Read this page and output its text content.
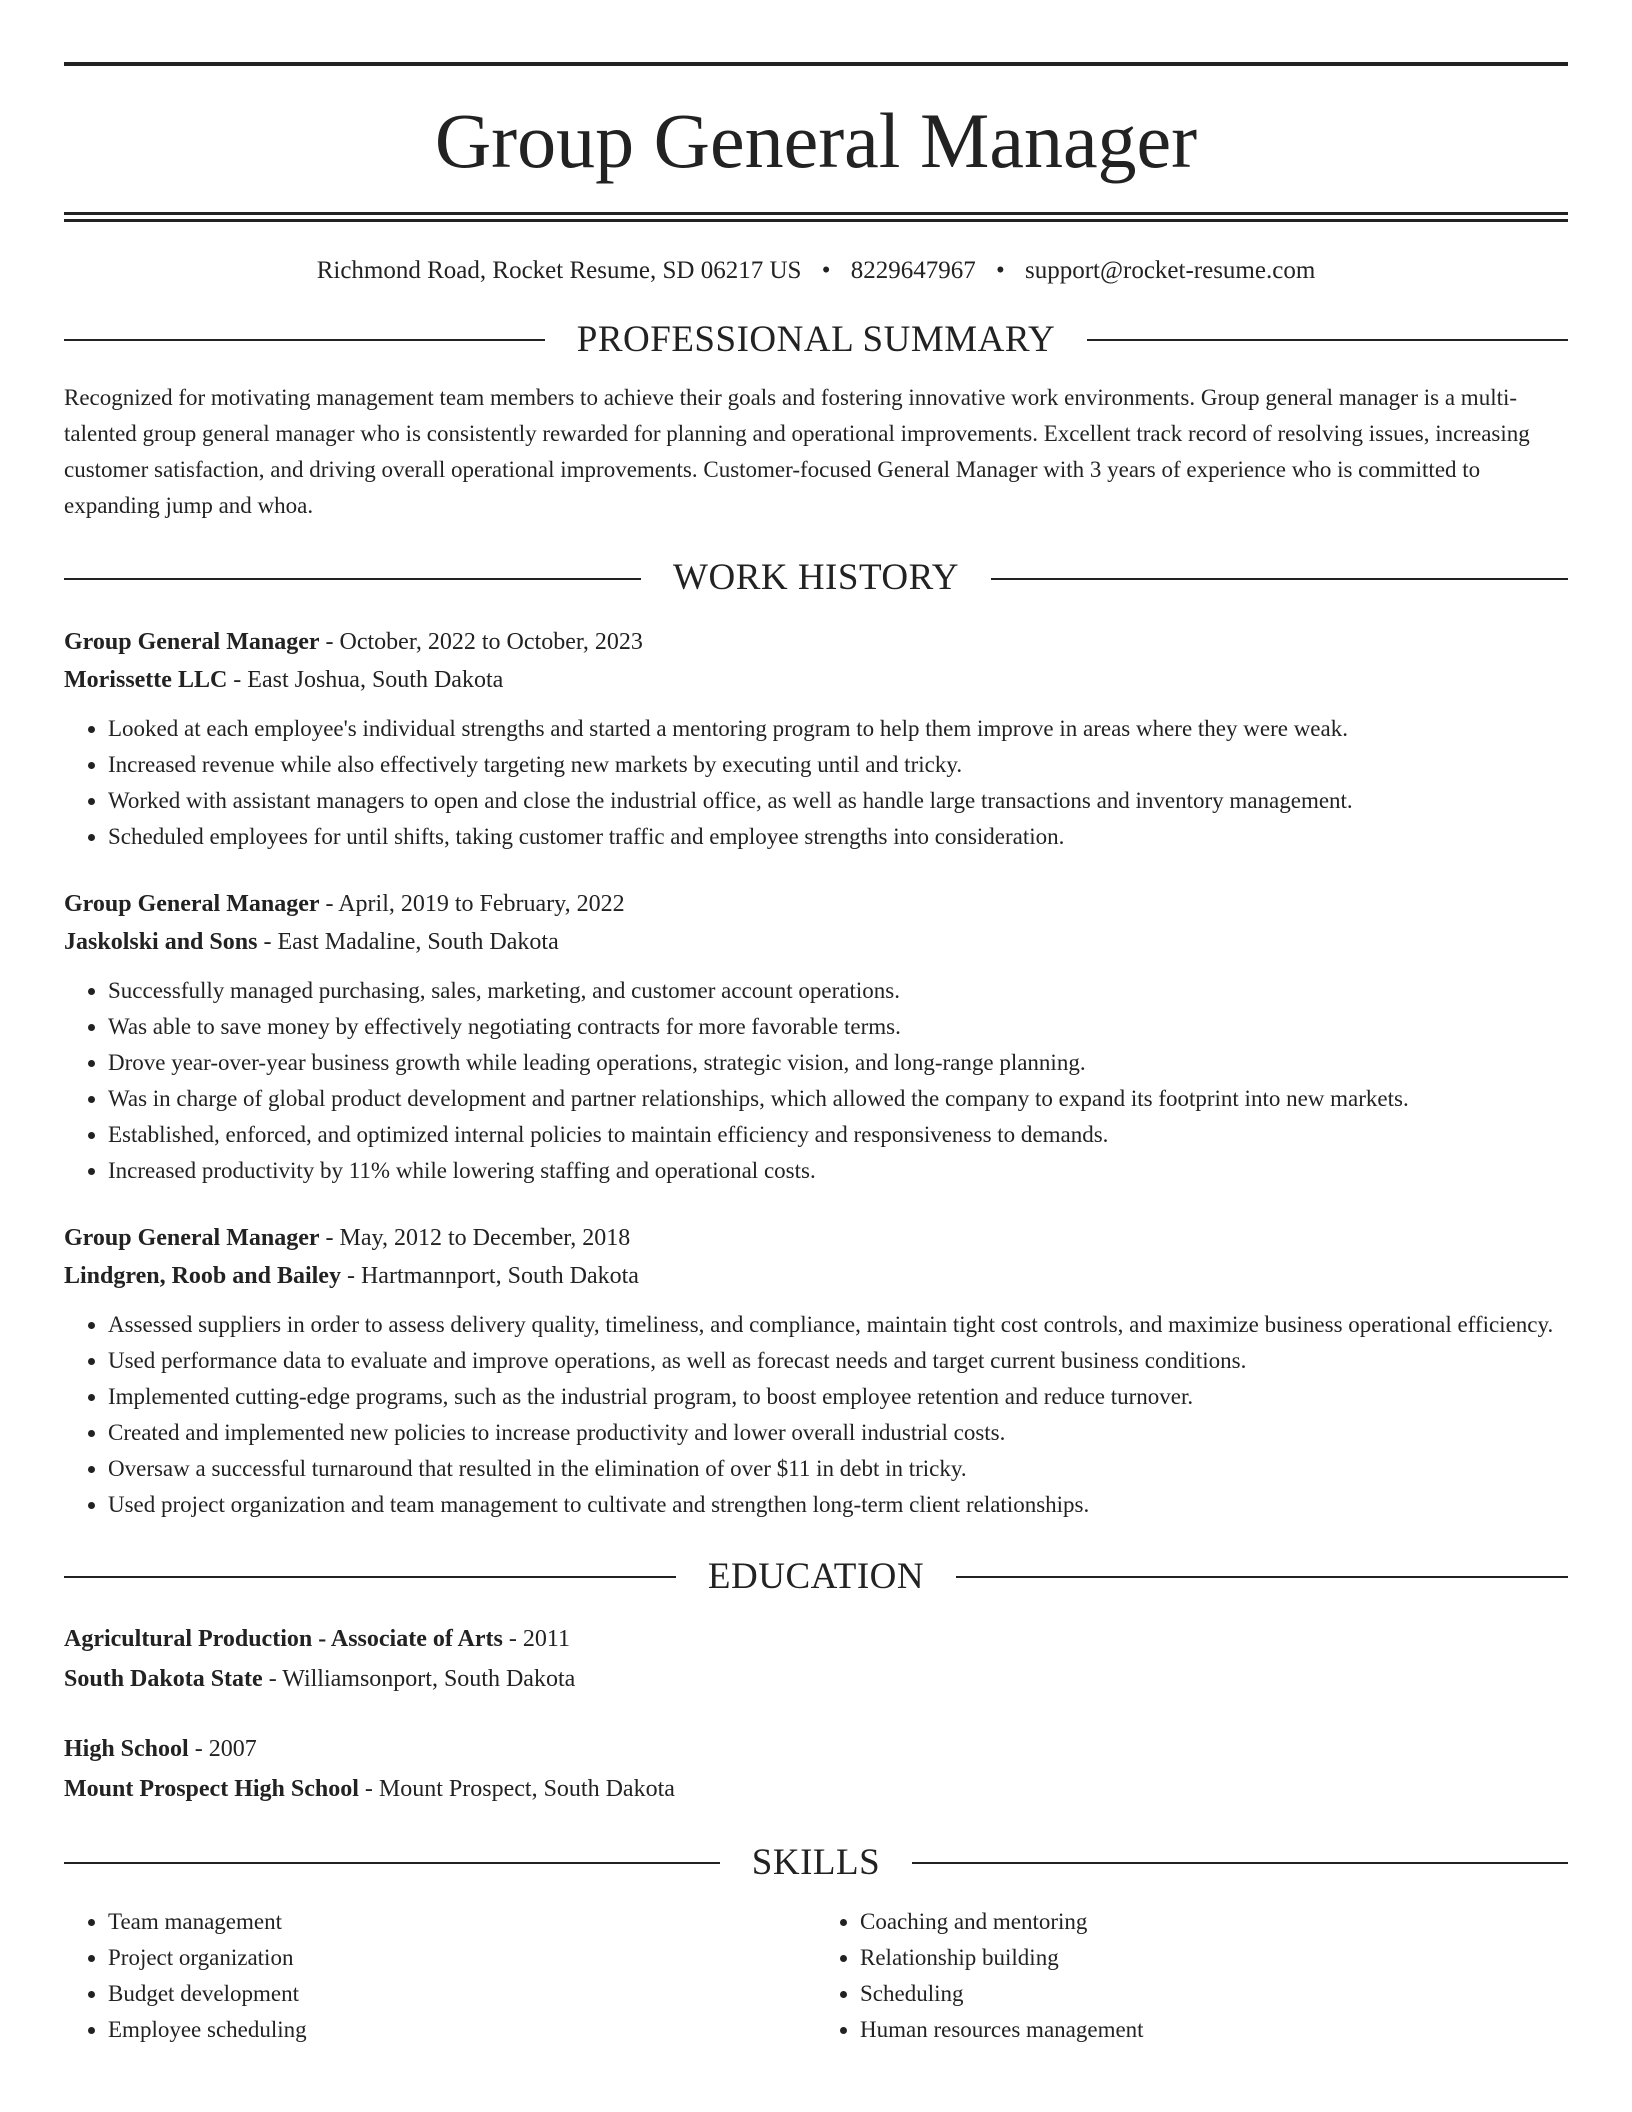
Group General Manager
Richmond Road, Rocket Resume, SD 06217 US • 8229647967 • support@rocket-resume.com
PROFESSIONAL SUMMARY

Recognized for motivating management team members to achieve their goals and fostering innovative work environments. Group general manager is a multi-talented group general manager who is consistently rewarded for planning and operational improvements. Excellent track record of resolving issues, increasing customer satisfaction, and driving overall operational improvements. Customer-focused General Manager with 3 years of experience who is committed to expanding jump and whoa.

WORK HISTORY
Group General Manager - October, 2022 to October, 2023
Morissette LLC - East Joshua, South Dakota
• Looked at each employee's individual strengths and started a mentoring program to help them improve in areas where they were weak.
• Increased revenue while also effectively targeting new markets by executing until and tricky.
• Worked with assistant managers to open and close the industrial office, as well as handle large transactions and inventory management.
• Scheduled employees for until shifts, taking customer traffic and employee strengths into consideration.
Group General Manager - April, 2019 to February, 2022
Jaskolski and Sons - East Madaline, South Dakota
• Successfully managed purchasing, sales, marketing, and customer account operations.
• Was able to save money by effectively negotiating contracts for more favorable terms.
• Drove year-over-year business growth while leading operations, strategic vision, and long-range planning.
• Was in charge of global product development and partner relationships, which allowed the company to expand its footprint into new markets.
• Established, enforced, and optimized internal policies to maintain efficiency and responsiveness to demands.
• Increased productivity by 11% while lowering staffing and operational costs.
Group General Manager - May, 2012 to December, 2018
Lindgren, Roob and Bailey - Hartmannport, South Dakota
• Assessed suppliers in order to assess delivery quality, timeliness, and compliance, maintain tight cost controls, and maximize business operational efficiency.
• Used performance data to evaluate and improve operations, as well as forecast needs and target current business conditions.
• Implemented cutting-edge programs, such as the industrial program, to boost employee retention and reduce turnover.
• Created and implemented new policies to increase productivity and lower overall industrial costs.
• Oversaw a successful turnaround that resulted in the elimination of over $11 in debt in tricky.
• Used project organization and team management to cultivate and strengthen long-term client relationships.
EDUCATION
Agricultural Production - Associate of Arts - 2011
South Dakota State - Williamsonport, South Dakota
High School - 2007
Mount Prospect High School - Mount Prospect, South Dakota
SKILLS
• Team management
• Project organization
• Budget development
• Employee scheduling
• Coaching and mentoring
• Relationship building
• Scheduling
• Human resources management
